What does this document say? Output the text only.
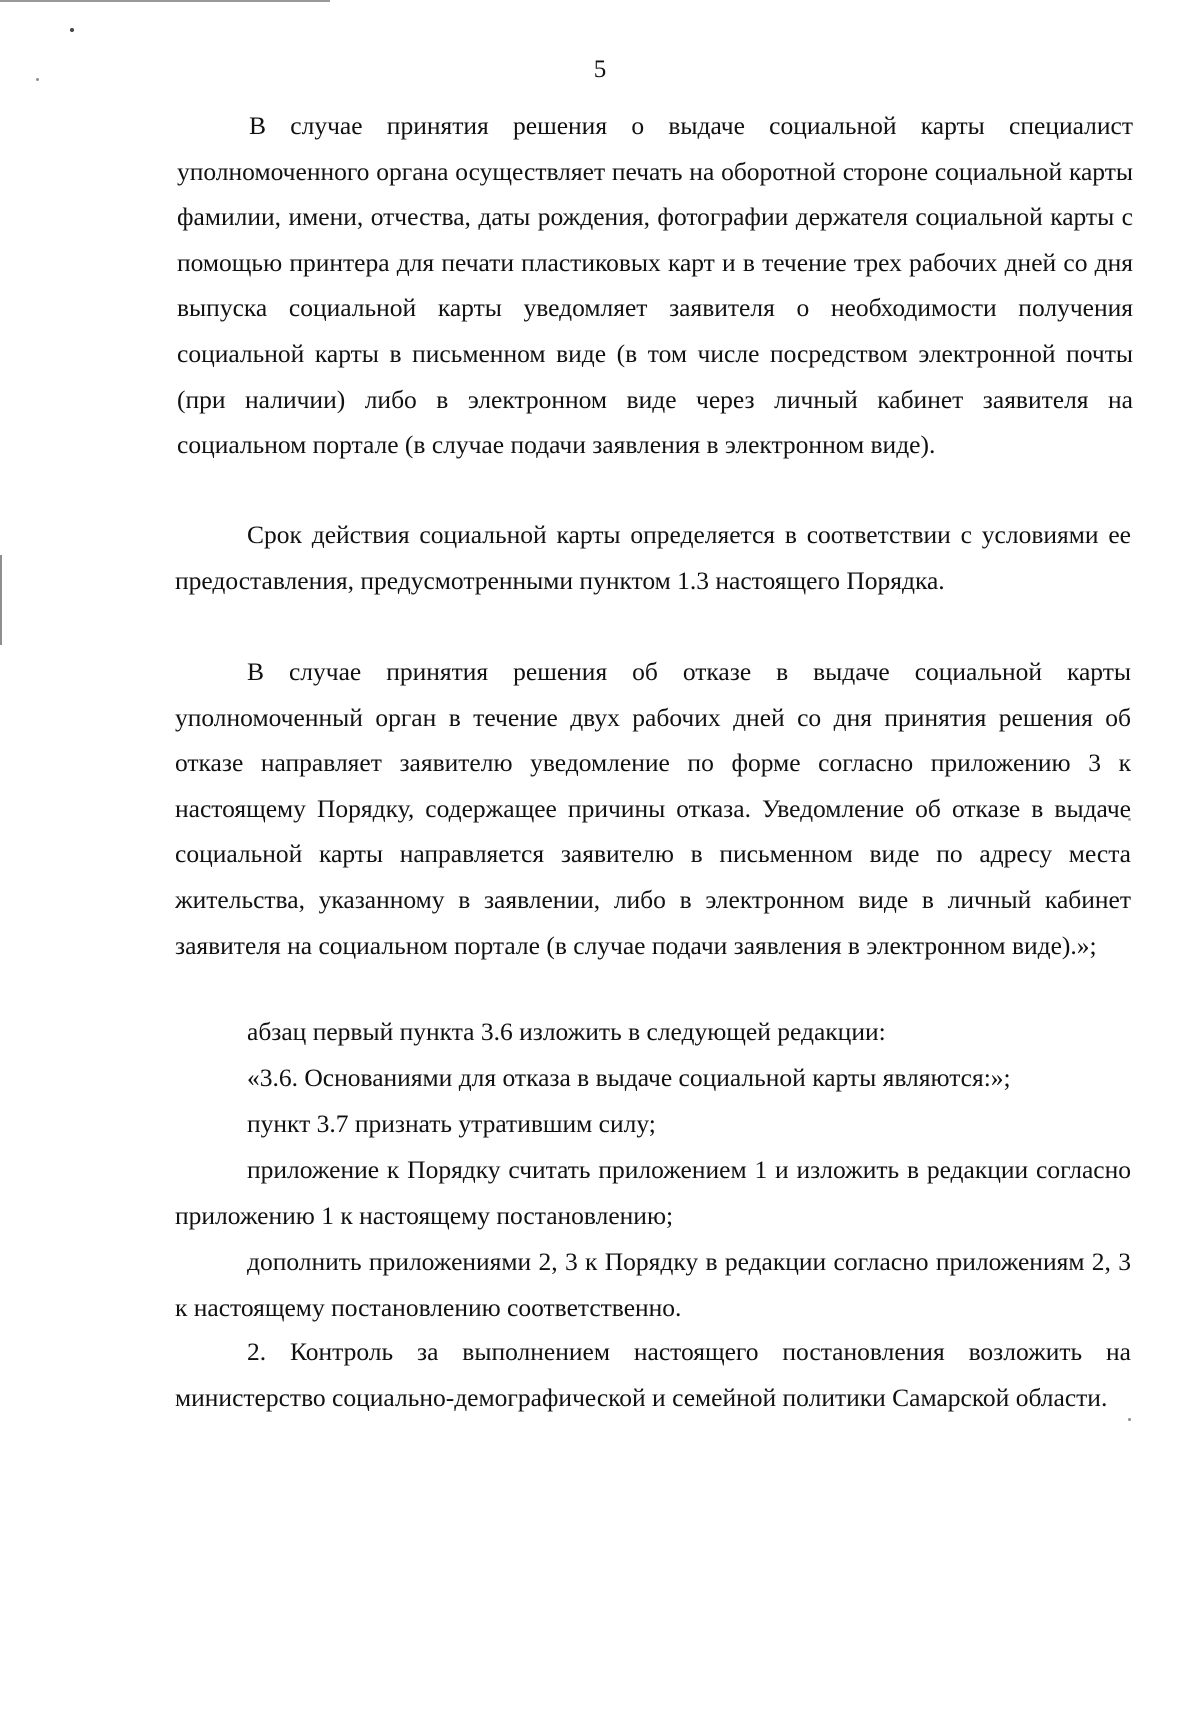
5

В случае принятия решения о выдаче социальной карты специалист уполномоченного органа осуществляет печать на оборотной стороне социальной карты фамилии, имени, отчества, даты рождения, фотографии держателя социальной карты с помощью принтера для печати пластиковых карт и в течение трех рабочих дней со дня выпуска социальной карты уведомляет заявителя о необходимости получения социальной карты в письменном виде (в том числе посредством электронной почты (при наличии) либо в электронном виде через личный кабинет заявителя на социальном портале (в случае подачи заявления в электронном виде).

Срок действия социальной карты определяется в соответствии с условиями ее предоставления, предусмотренными пунктом 1.3 настоящего Порядка.

В случае принятия решения об отказе в выдаче социальной карты уполномоченный орган в течение двух рабочих дней со дня принятия решения об отказе направляет заявителю уведомление по форме согласно приложению 3 к настоящему Порядку, содержащее причины отказа. Уведомление об отказе в выдаче социальной карты направляется заявителю в письменном виде по адресу места жительства, указанному в заявлении, либо в электронном виде в личный кабинет заявителя на социальном портале (в случае подачи заявления в электронном виде).»;

абзац первый пункта 3.6 изложить в следующей редакции:

«3.6. Основаниями для отказа в выдаче социальной карты являются:»;

пункт 3.7 признать утратившим силу;

приложение к Порядку считать приложением 1 и изложить в редакции согласно приложению 1 к настоящему постановлению;

дополнить приложениями 2, 3 к Порядку в редакции согласно приложениям 2, 3 к настоящему постановлению соответственно.

2. Контроль за выполнением настоящего постановления возложить на министерство социально-демографической и семейной политики Самарской области.
